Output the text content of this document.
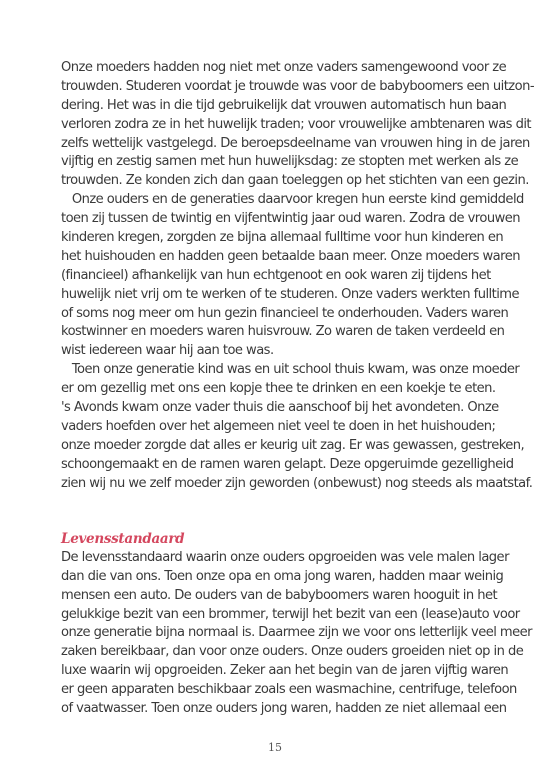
Onze moeders hadden nog niet met onze vaders samengewoond voor ze
trouwden. Studeren voordat je trouwde was voor de babyboomers een uitzon-
dering. Het was in die tijd gebruikelijk dat vrouwen automatisch hun baan
verloren zodra ze in het huwelijk traden; voor vrouwelijke ambtenaren was dit
zelfs wettelijk vastgelegd. De beroepsdeelname van vrouwen hing in de jaren
vijftig en zestig samen met hun huwelijksdag: ze stopten met werken als ze
trouwden. Ze konden zich dan gaan toeleggen op het stichten van een gezin.
Onze ouders en de generaties daarvoor kregen hun eerste kind gemiddeld
toen zij tussen de twintig en vijfentwintig jaar oud waren. Zodra de vrouwen
kinderen kregen, zorgden ze bijna allemaal fulltime voor hun kinderen en
het huishouden en hadden geen betaalde baan meer. Onze moeders waren
(financieel) afhankelijk van hun echtgenoot en ook waren zij tijdens het
huwelijk niet vrij om te werken of te studeren. Onze vaders werkten fulltime
of soms nog meer om hun gezin financieel te onderhouden. Vaders waren
kostwinner en moeders waren huisvrouw. Zo waren de taken verdeeld en
wist iedereen waar hij aan toe was.
Toen onze generatie kind was en uit school thuis kwam, was onze moeder
er om gezellig met ons een kopje thee te drinken en een koekje te eten.
's Avonds kwam onze vader thuis die aanschoof bij het avondeten. Onze
vaders hoefden over het algemeen niet veel te doen in het huishouden;
onze moeder zorgde dat alles er keurig uit zag. Er was gewassen, gestreken,
schoongemaakt en de ramen waren gelapt. Deze opgeruimde gezelligheid
zien wij nu we zelf moeder zijn geworden (onbewust) nog steeds als maatstaf.
Levensstandaard
De levensstandaard waarin onze ouders opgroeiden was vele malen lager
dan die van ons. Toen onze opa en oma jong waren, hadden maar weinig
mensen een auto. De ouders van de babyboomers waren hooguit in het
gelukkige bezit van een brommer, terwijl het bezit van een (lease)auto voor
onze generatie bijna normaal is. Daarmee zijn we voor ons letterlijk veel meer
zaken bereikbaar, dan voor onze ouders. Onze ouders groeiden niet op in de
luxe waarin wij opgroeiden. Zeker aan het begin van de jaren vijftig waren
er geen apparaten beschikbaar zoals een wasmachine, centrifuge, telefoon
of vaatwasser. Toen onze ouders jong waren, hadden ze niet allemaal een
15
